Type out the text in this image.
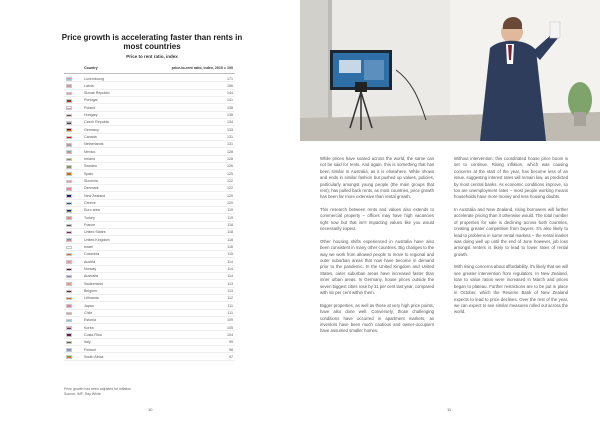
Price growth is accelerating faster than rents in most countries
Price to rent ratio, index
Country	price-to-rent ratio, index, 2015 = 100
Luxembourg	171
Latvia	156
Slovak Republic	144
Portugal	141
Poland	138
Hungary	135
Czech Republic	134
Germany	133
Canada	131
Netherlands	131
Mexico	128
Ireland	128
Sweden	126
Spain	125
Slovenia	122
Denmark	122
New Zealand	120
Greece	120
Euro area	119
Turkey	119
France	118
United States	118
United Kingdom	118
Israel	116
Colombia	115
Austria	114
Norway	114
Australia	114
Switzerland	113
Belgium	113
Lithuania	112
Japan	111
Chile	111
Estonia	109
Korea	105
Costa Rica	104
Italy	99
Finland	98
South Africa	97
Price growth has been adjusted for inflation
Source: IMF, Ray White
10

While prices have soared across the world, the same can not be said for rents. And again, this is something that has been similar in Australia, as it is elsewhere. While shows and ends in similar fashion but pushed up values, policies, particularly amongst young people (the main groups that rent), has pulled back rents, as most countries, price growth has been far more extensive than rental growth.

This research between rents and values also extends to commercial property – offices may have high vacancies right now but that isn't impacting values like you would necessarily expect.

Other housing shifts experienced in Australia have also been consistent in many other countries. Big changes to the way we work from allowed people to move to regional and outer suburban areas that now have become in demand prior to the pandemic. In the United Kingdom and United States, outer suburban areas have increased faster than inner urban areas. In Germany, house prices outside the seven biggest cities rose by 11 per cent last year, compared with six per cent within them.

Bigger properties, as well as those at very high price points, have also done well. Conversely, those challenging conditions have occurred in apartment markets, as investors have been much cautious and owner-occupiers have assumed smaller homes.

Without intervention, this coordinated house price boom is set to continue. Rising inflation, which was causing concerns at the start of the year, has become less of an issue, suggesting interest rates will remain low, as predicted by most central banks. As economic conditions improve, so too are unemployment rates – most people working means households have more money and less housing doubts.

In Australia and New Zealand, rising borrowers will further accelerate pricing than it otherwise would. The total number of properties for sale is declining across both countries, creating greater competition from buyers. It's also likely to lead to problems in some rental markets – the rental market was doing well up until the end of June however, job loss amongst renters is likely to lead to lower rates of rental growth.

With rising concerns about affordability, it's likely that we will see greater intervention from regulators. In New Zealand, loan to value ratios were increased in March and prices began to plateau. Further restrictions are to be put in place in October, which the Reserve Bank of New Zealand expects to lead to price declines. Over the rest of the year, we can expect to see similar measures rolled out across the world.

11
